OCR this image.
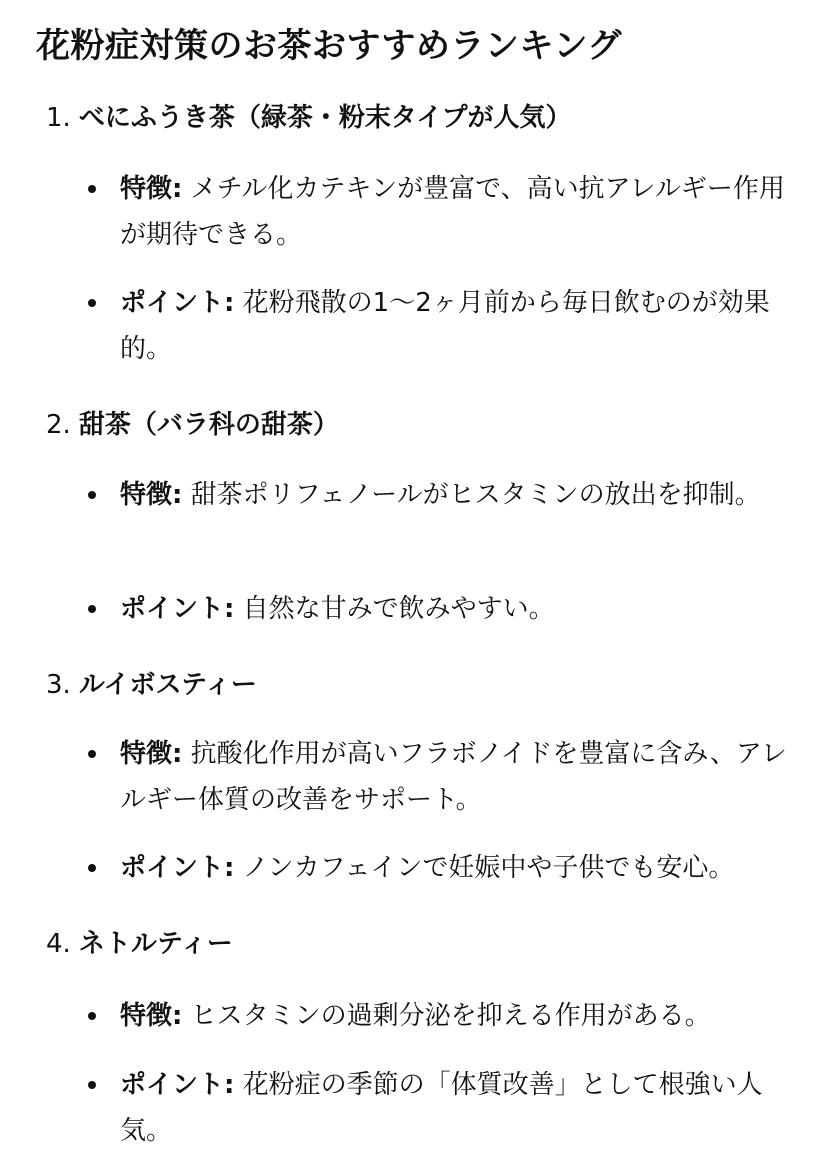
花粉症対策のお茶おすすめランキング
1. べにふうき茶（緑茶・粉末タイプが人気）
特徴: メチル化カテキンが豊富で、高い抗アレルギー作用が期待できる。
ポイント: 花粉飛散の1〜2ヶ月前から毎日飲むのが効果的。
2. 甜茶（バラ科の甜茶）
特徴: 甜茶ポリフェノールがヒスタミンの放出を抑制。
ポイント: 自然な甘みで飲みやすい。
3. ルイボスティー
特徴: 抗酸化作用が高いフラボノイドを豊富に含み、アレルギー体質の改善をサポート。
ポイント: ノンカフェインで妊娠中や子供でも安心。
4. ネトルティー
特徴: ヒスタミンの過剰分泌を抑える作用がある。
ポイント: 花粉症の季節の「体質改善」として根強い人気。
